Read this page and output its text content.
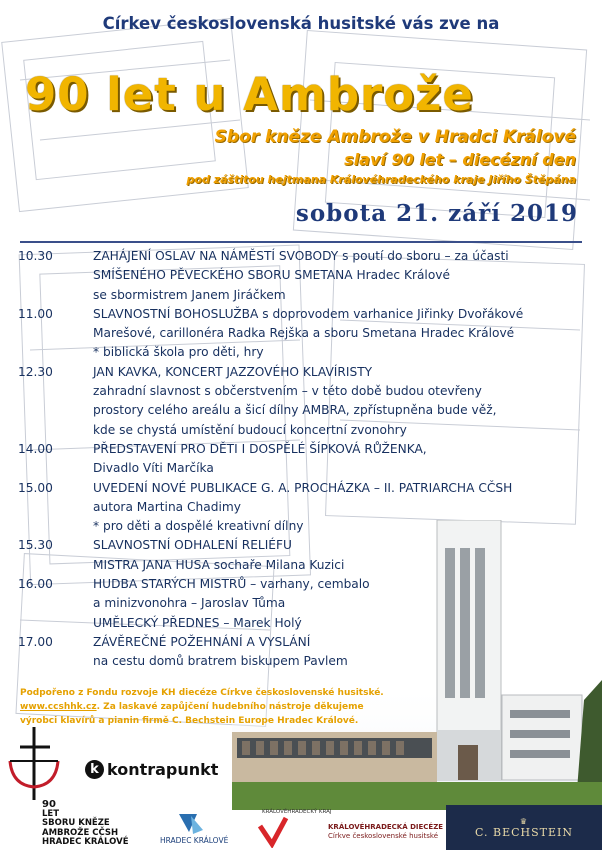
Církev československá husitské vás zve na
90 let u Ambrože
Sbor kněze Ambrože v Hradci Králové
slaví 90 let – diecézní den
pod záštitou hejtmana Královéhradeckého kraje Jiřího Štěpána
sobota 21. září 2019
10.30	ZAHÁJENÍ OSLAV NA NÁMĚSTÍ SVOBODY s poutí do sboru – za účasti
SMÍŠENÉHO PĚVECKÉHO SBORU SMETANA Hradec Králové
se sbormistrem Janem Jiráčkem
11.00	SLAVNOSTNÍ BOHOSLUŽBA s doprovodem varhanice Jiřinky Dvořákové
Marešové, carillonéra Radka Rejška a sboru Smetana Hradec Králové
* biblická škola pro děti, hry
12.30	JAN KAVKA, KONCERT JAZZOVÉHO KLAVÍRISTY
zahradní slavnost s občerstvením – v této době budou otevřeny
prostory celého areálu a šicí dílny AMBRA, zpřístupněna bude věž,
kde se chystá umístění budoucí koncertní zvonohry
14.00	PŘEDSTAVENÍ PRO DĚTI I DOSPĚLÉ ŠÍPKOVÁ RŮŽENKA,
Divadlo Víti Marčíka
15.00	UVEDENÍ NOVÉ PUBLIKACE G. A. PROCHÁZKA – II. PATRIARCHA CČSH
autora Martina Chadimy
* pro děti a dospělé kreativní dílny
15.30	SLAVNOSTNÍ ODHALENÍ RELIÉFU
MISTRA JANA HUSA sochaře Milana Kuzici
16.00	HUDBA STARÝCH MISTRŮ – varhany, cembalo
a minizvonohra – Jaroslav Tůma
UMĚLECKÝ PŘEDNES – Marek Holý
17.00	ZÁVĚREČNÉ POŽEHNÁNÍ A VYSLÁNÍ
na cestu domů bratrem biskupem Pavlem
Podpořeno z Fondu rozvoje KH diecéze Církve československé husitské.
www.ccshhk.cz. Za laskavé zapůjčení hudebního nástroje děkujeme
výrobci klavírů a pianin firmě C. Bechstein Europe Hradec Králové.
90
LET
SBORU KNĚZE
AMBROŽE CČSH
HRADEC KRÁLOVÉ
k kontrapunkt
HRADEC KRÁLOVÉ
KRÁLOVÉHRADECKÝ KRAJ
KRÁLOVÉHRADECKÁ DIECÉZE
Církve československé husitské
♛
C. BECHSTEIN
